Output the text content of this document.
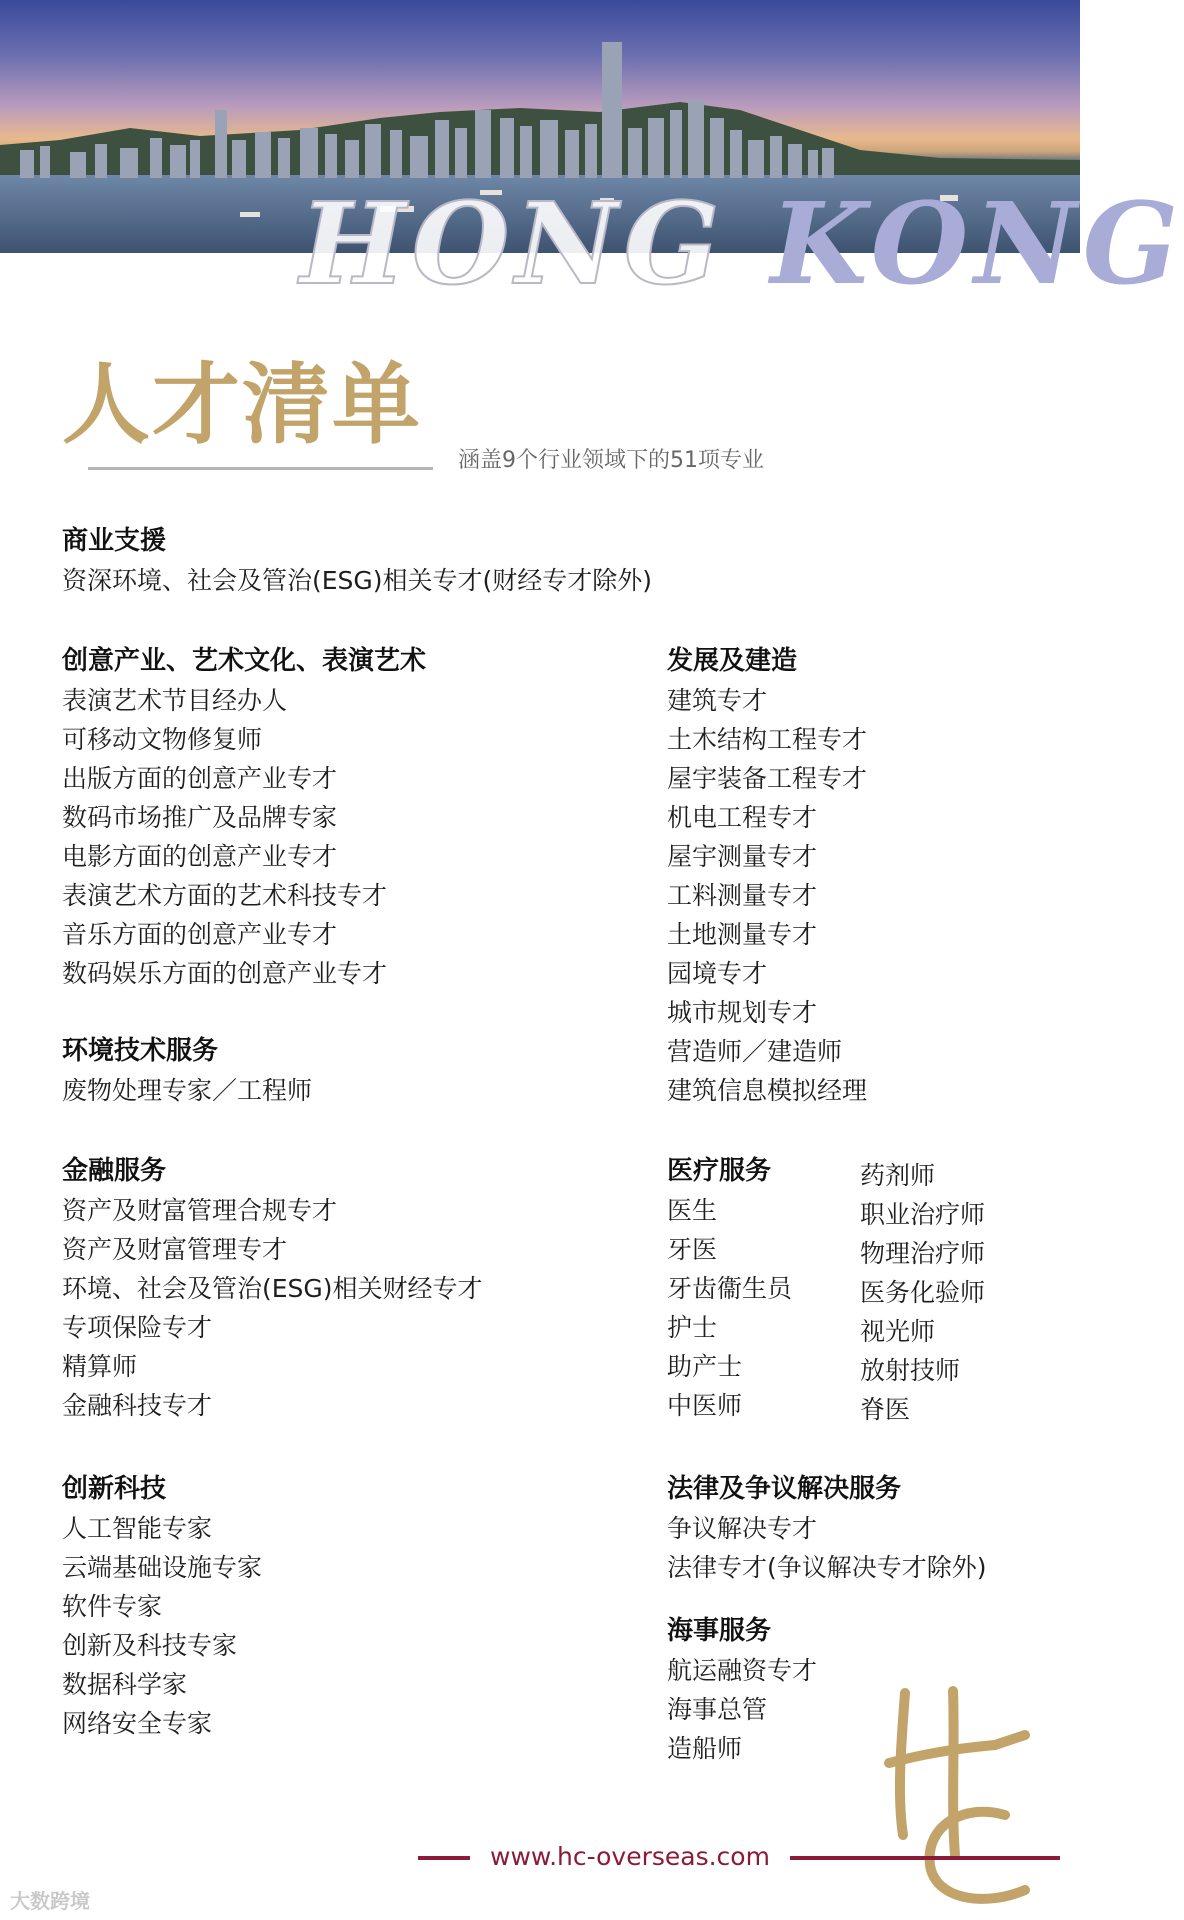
HONG KONG
人才清单
涵盖9个行业领域下的51项专业
商业支援
资深环境、社会及管治(ESG)相关专才(财经专才除外)
创意产业、艺术文化、表演艺术
表演艺术节目经办人
可移动文物修复师
出版方面的创意产业专才
数码市场推广及品牌专家
电影方面的创意产业专才
表演艺术方面的艺术科技专才
音乐方面的创意产业专才
数码娱乐方面的创意产业专才
环境技术服务
废物处理专家／工程师
金融服务
资产及财富管理合规专才
资产及财富管理专才
环境、社会及管治(ESG)相关财经专才
专项保险专才
精算师
金融科技专才
创新科技
人工智能专家
云端基础设施专家
软件专家
创新及科技专家
数据科学家
网络安全专家
发展及建造
建筑专才
土木结构工程专才
屋宇装备工程专才
机电工程专才
屋宇测量专才
工料测量专才
土地测量专才
园境专才
城市规划专才
营造师／建造师
建筑信息模拟经理
医疗服务
医生
牙医
牙齿衞生员
护士
助产士
中医师
药剂师
职业治疗师
物理治疗师
医务化验师
视光师
放射技师
脊医
法律及争议解决服务
争议解决专才
法律专才(争议解决专才除外)
海事服务
航运融资专才
海事总管
造船师
www.hc-overseas.com
大数跨境
